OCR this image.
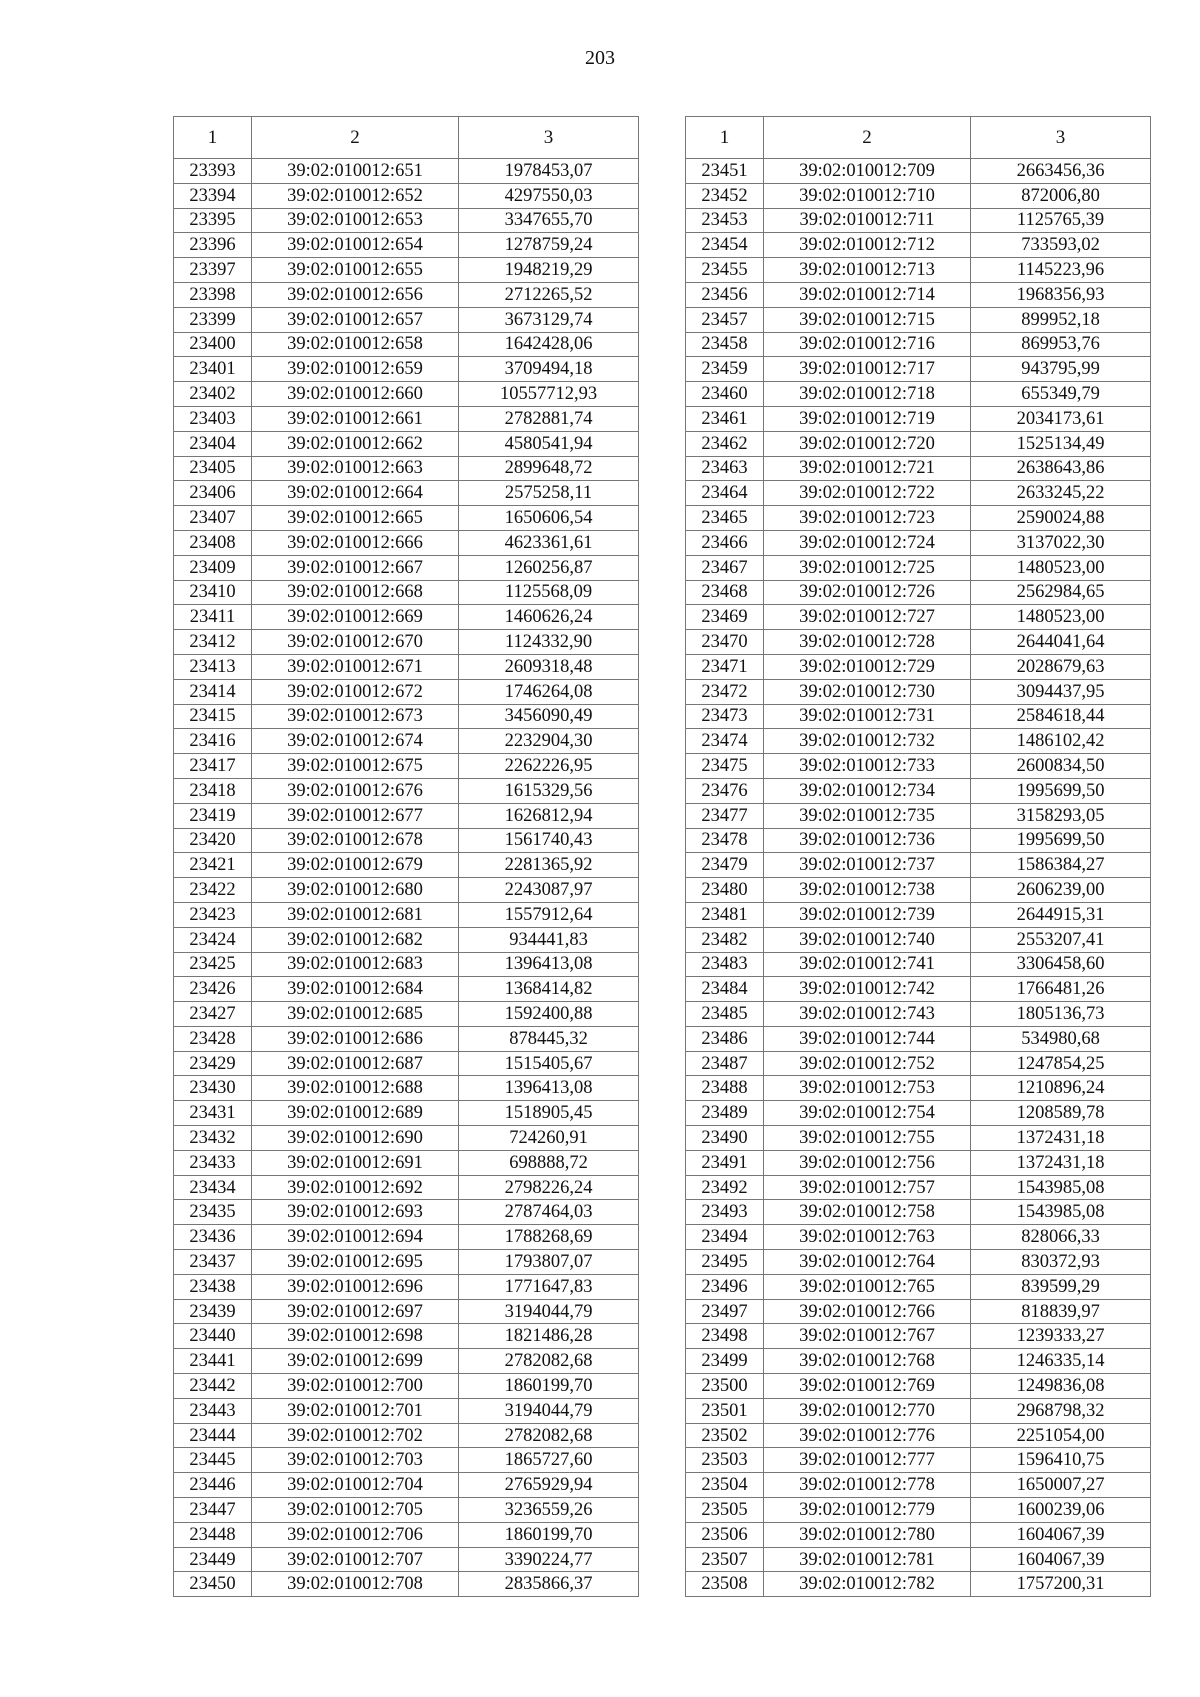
203
1	2	3
23393	39:02:010012:651	1978453,07
23394	39:02:010012:652	4297550,03
23395	39:02:010012:653	3347655,70
23396	39:02:010012:654	1278759,24
23397	39:02:010012:655	1948219,29
23398	39:02:010012:656	2712265,52
23399	39:02:010012:657	3673129,74
23400	39:02:010012:658	1642428,06
23401	39:02:010012:659	3709494,18
23402	39:02:010012:660	10557712,93
23403	39:02:010012:661	2782881,74
23404	39:02:010012:662	4580541,94
23405	39:02:010012:663	2899648,72
23406	39:02:010012:664	2575258,11
23407	39:02:010012:665	1650606,54
23408	39:02:010012:666	4623361,61
23409	39:02:010012:667	1260256,87
23410	39:02:010012:668	1125568,09
23411	39:02:010012:669	1460626,24
23412	39:02:010012:670	1124332,90
23413	39:02:010012:671	2609318,48
23414	39:02:010012:672	1746264,08
23415	39:02:010012:673	3456090,49
23416	39:02:010012:674	2232904,30
23417	39:02:010012:675	2262226,95
23418	39:02:010012:676	1615329,56
23419	39:02:010012:677	1626812,94
23420	39:02:010012:678	1561740,43
23421	39:02:010012:679	2281365,92
23422	39:02:010012:680	2243087,97
23423	39:02:010012:681	1557912,64
23424	39:02:010012:682	934441,83
23425	39:02:010012:683	1396413,08
23426	39:02:010012:684	1368414,82
23427	39:02:010012:685	1592400,88
23428	39:02:010012:686	878445,32
23429	39:02:010012:687	1515405,67
23430	39:02:010012:688	1396413,08
23431	39:02:010012:689	1518905,45
23432	39:02:010012:690	724260,91
23433	39:02:010012:691	698888,72
23434	39:02:010012:692	2798226,24
23435	39:02:010012:693	2787464,03
23436	39:02:010012:694	1788268,69
23437	39:02:010012:695	1793807,07
23438	39:02:010012:696	1771647,83
23439	39:02:010012:697	3194044,79
23440	39:02:010012:698	1821486,28
23441	39:02:010012:699	2782082,68
23442	39:02:010012:700	1860199,70
23443	39:02:010012:701	3194044,79
23444	39:02:010012:702	2782082,68
23445	39:02:010012:703	1865727,60
23446	39:02:010012:704	2765929,94
23447	39:02:010012:705	3236559,26
23448	39:02:010012:706	1860199,70
23449	39:02:010012:707	3390224,77
23450	39:02:010012:708	2835866,37
1	2	3
23451	39:02:010012:709	2663456,36
23452	39:02:010012:710	872006,80
23453	39:02:010012:711	1125765,39
23454	39:02:010012:712	733593,02
23455	39:02:010012:713	1145223,96
23456	39:02:010012:714	1968356,93
23457	39:02:010012:715	899952,18
23458	39:02:010012:716	869953,76
23459	39:02:010012:717	943795,99
23460	39:02:010012:718	655349,79
23461	39:02:010012:719	2034173,61
23462	39:02:010012:720	1525134,49
23463	39:02:010012:721	2638643,86
23464	39:02:010012:722	2633245,22
23465	39:02:010012:723	2590024,88
23466	39:02:010012:724	3137022,30
23467	39:02:010012:725	1480523,00
23468	39:02:010012:726	2562984,65
23469	39:02:010012:727	1480523,00
23470	39:02:010012:728	2644041,64
23471	39:02:010012:729	2028679,63
23472	39:02:010012:730	3094437,95
23473	39:02:010012:731	2584618,44
23474	39:02:010012:732	1486102,42
23475	39:02:010012:733	2600834,50
23476	39:02:010012:734	1995699,50
23477	39:02:010012:735	3158293,05
23478	39:02:010012:736	1995699,50
23479	39:02:010012:737	1586384,27
23480	39:02:010012:738	2606239,00
23481	39:02:010012:739	2644915,31
23482	39:02:010012:740	2553207,41
23483	39:02:010012:741	3306458,60
23484	39:02:010012:742	1766481,26
23485	39:02:010012:743	1805136,73
23486	39:02:010012:744	534980,68
23487	39:02:010012:752	1247854,25
23488	39:02:010012:753	1210896,24
23489	39:02:010012:754	1208589,78
23490	39:02:010012:755	1372431,18
23491	39:02:010012:756	1372431,18
23492	39:02:010012:757	1543985,08
23493	39:02:010012:758	1543985,08
23494	39:02:010012:763	828066,33
23495	39:02:010012:764	830372,93
23496	39:02:010012:765	839599,29
23497	39:02:010012:766	818839,97
23498	39:02:010012:767	1239333,27
23499	39:02:010012:768	1246335,14
23500	39:02:010012:769	1249836,08
23501	39:02:010012:770	2968798,32
23502	39:02:010012:776	2251054,00
23503	39:02:010012:777	1596410,75
23504	39:02:010012:778	1650007,27
23505	39:02:010012:779	1600239,06
23506	39:02:010012:780	1604067,39
23507	39:02:010012:781	1604067,39
23508	39:02:010012:782	1757200,31
